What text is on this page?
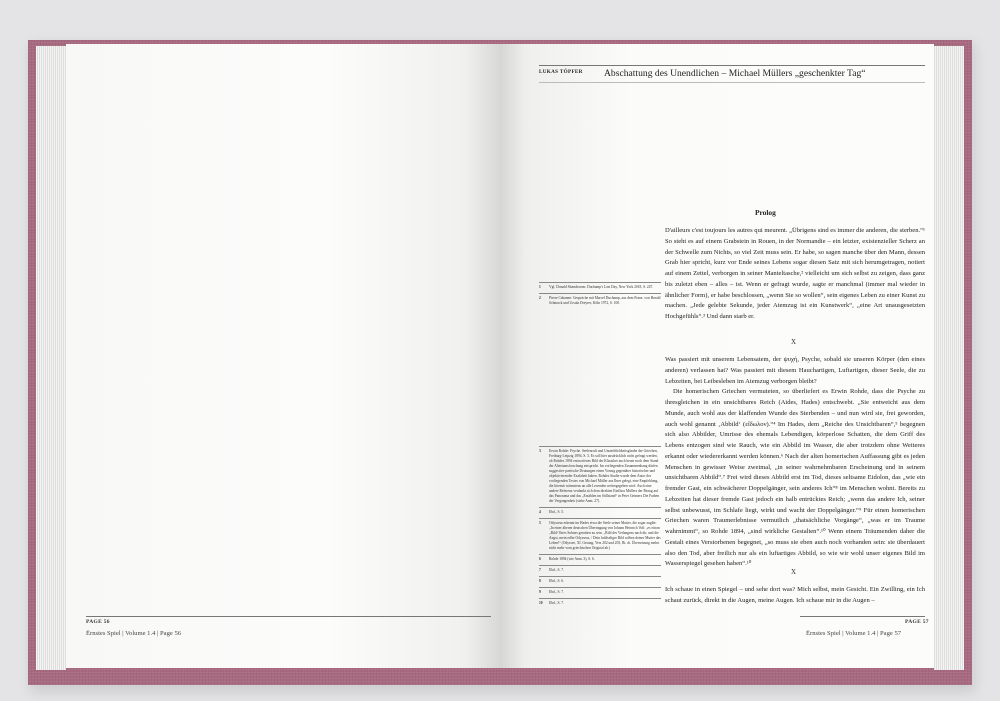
PAGE 56
Ërnstes Spiel | Volume 1.4 | Page 56
LUKAS TÖPFER Abschattung des Unendlichen – Michael Müllers „geschenkter Tag“
Prolog

D'ailleurs c'est toujours les autres qui meurent. „Übrigens sind es immer die anderen, die sterben.“¹ So steht es auf einem Grabstein in Rouen, in der Normandie – ein letzter, existenzieller Scherz an der Schwelle zum Nichts, so viel Zeit muss sein. Er habe, so sagen manche über den Mann, dessen Grab hier spricht, kurz vor Ende seines Lebens sogar diesen Satz mit sich herumgetragen, notiert auf einem Zettel, verborgen in seiner Manteltasche,² vielleicht um sich selbst zu zeigen, dass ganz bis zuletzt eben – alles – ist. Wenn er gefragt wurde, sagte er manchmal (immer mal wieder in ähnlicher Form), er habe beschlossen, „wenn Sie so wollen“, sein eigenes Leben zu einer Kunst zu machen. „Jede gelebte Sekunde, jeder Atemzug ist ein Kunstwerk“, „eine Art unausgesetzten Hochgefühls“.³ Und dann starb er.

X

Was passiert mit unserem Lebensatem, der ψυχή, Psyche, sobald sie unseren Körper (den eines anderen) verlassen hat? Was passiert mit diesem Hauchartigen, Luftartigen, dieser Seele, die zu Lebzeiten, bei Leibesleben im Atemzug verborgen bleibt?

Die homerischen Griechen vermuteten, so überliefert es Erwin Rohde, dass die Psyche zu ihresgleichen in ein unsichtbares Reich (Aides, Hades) entschwebt. „Sie entweicht aus dem Munde, auch wohl aus der klaffenden Wunde des Sterbenden – und nun wird sie, frei geworden, auch wohl genannt ‚Abbild‘ (εἴδωλον).“⁴ Im Hades, dem „Reiche des Unsichtbaren“,⁵ begegnen sich also Abbilder, Umrisse des ehemals Lebendigen, körperlose Schatten, die dem Griff des Lebens entzogen sind wie Rauch, wie ein Abbild im Wasser, die aber trotzdem ohne Weiteres erkannt oder wiedererkannt werden können.⁶ Nach der alten homerischen Auffassung gibt es jeden Menschen in gewisser Weise zweimal, „in seiner wahrnehmbaren Erscheinung und in seinem unsichtbaren Abbild“.⁷ Frei wird dieses Abbild erst im Tod, dieses seltsame Eidolon, das „wie ein fremder Gast, ein schwächerer Doppelgänger, sein anderes Ich“⁸ im Menschen wohnt. Bereits zu Lebzeiten hat dieser fremde Gast jedoch ein halb entrücktes Reich; „wenn das andere Ich, seiner selbst unbewusst, im Schlafe liegt, wirkt und wacht der Doppelgänger.“⁹ Für einen homerischen Griechen waren Traumerlebnisse vermutlich „thatsächliche Vorgänge“, „was er im Traume wahrnimmt“, so Rohde 1894, „sind wirkliche Gestalten“.¹⁰ Wenn einem Träumenden daher die Gestalt eines Verstorbenen begegnet, „so muss sie eben auch noch vorhanden sein: sie überdauert also den Tod, aber freilich nur als ein luftartiges Abbild, so wie wir wohl unser eigenes Bild im Wasserspiegel gesehen haben“.¹⁰

X

Ich schaue in einen Spiegel – und sehe dort was? Mich selbst, mein Gesicht. Ein Zwilling, ein Ich schaut zurück, direkt in die Augen, meine Augen. Ich schaue mir in die Augen –

1	Vgl. Donald Shambroom: Duchamp's Last Day, New York 2018, S. 247.
2	Pierre Cabanne: Gespräche mit Marcel Duchamp, aus dem Franz. von Harald Schmuck und Ursula Dreyrer, Köln 1972, S. 100.
3	Erwin Rohde: Psyche. Seelencult und Unsterblichkeitsglaube der Griechen, Freiburg-Leipzig 1894, S. 3. Es soll hier ausdrücklich nicht gefragt werden, ob Rohdes 1894 entworfenes Bild der Klassiker auch heute noch dem Stand der Altertumsforschung entspricht. Im vorliegenden Zusammenhang dürfen suggestive poetische Deutungen einen Vorzug gegenüber historischer und objektivierender Exaktheit haben. Rohdes Studie wurde dem Autor des vorliegenden Textes von Michael Müller aus Ihrer gelegt, eine Empfehlung, die hiermit wärmstens an alle Lesenden weitergegeben wird. Auch eine andere Referenz verdankt sich dem direkten Einfluss Müllers der Bezug auf das Panorama und das „Erzählen im Stillstand“ in Peter Geimers Die Farben der Vergangenheit (siehe Anm. 27).
4	Ebd., S. 5.
5	Odysseus erkennt im Hades etwa die Seele seiner Mutter, die sogar zugibt: „In einer älteren deutschen Übertragung von Johann Heinrich Voß: „es eitran „Bild“ Ihres Sohnes genoben zu sein. „Bild des Verlangens nach dir, und die Angst, mein edler Odysseus, / Dein holdseliger Bild rafften deiner Mutter das Leben!“ (Odyssee, XI. Gesang, Vers 202 und 203, Bt. dt. Übersetzung mehrt nicht mehr vom griechischen Original ab.)
6	Rohde 1894 (wie Anm. 3), S. 6.
7	Ebd., S. 7.
8	Ebd., S. 6.
9	Ebd., S. 7.
10	Ebd., S. 7.
PAGE 57
Ërnstes Spiel | Volume 1.4 | Page 57
